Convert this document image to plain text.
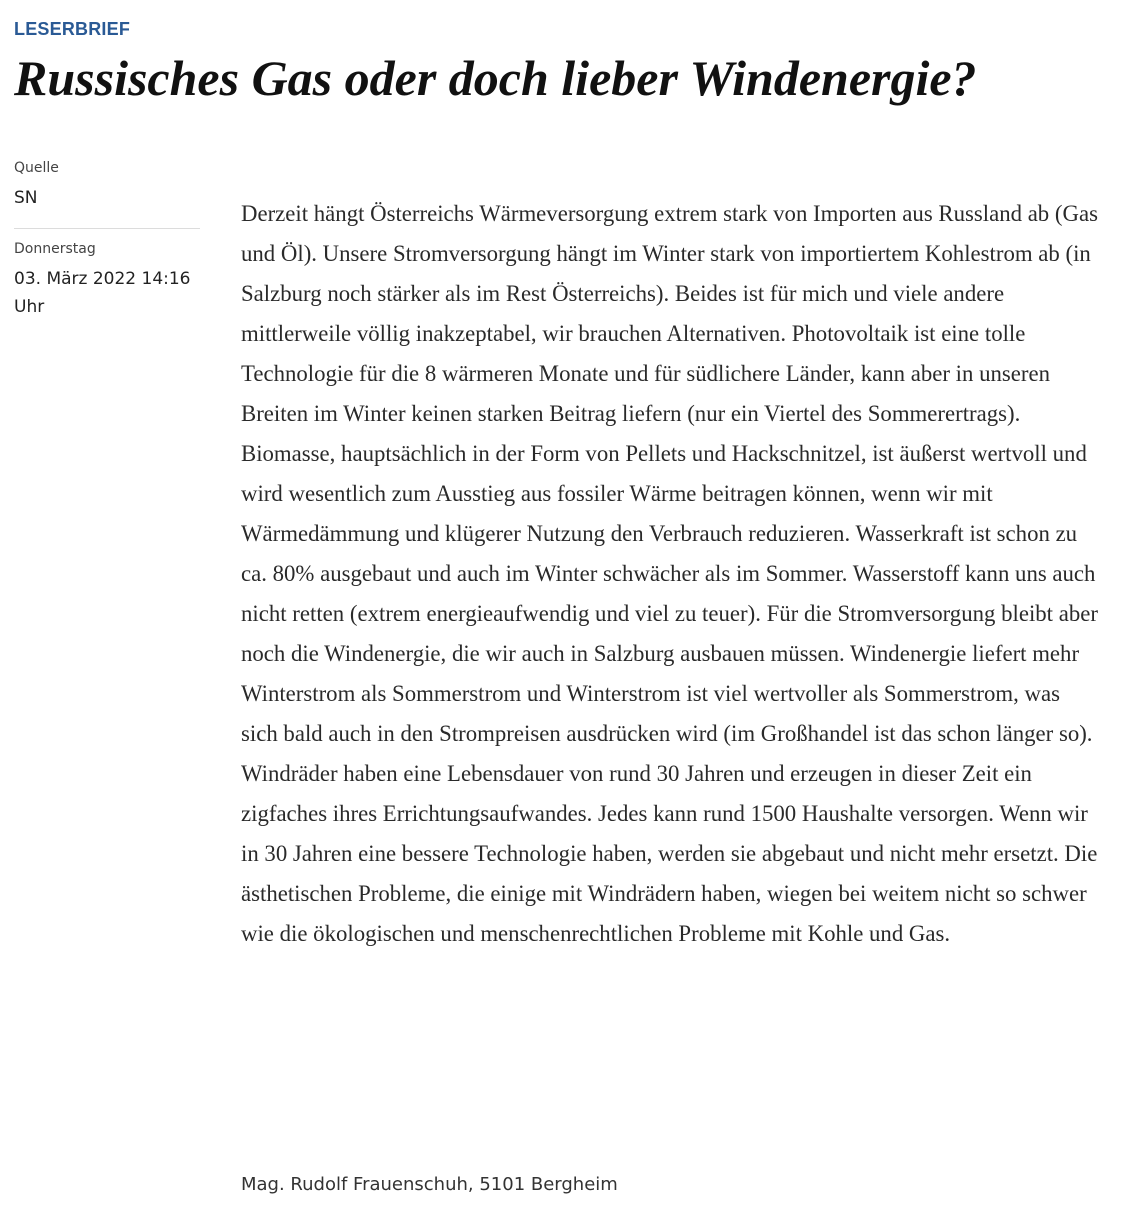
LESERBRIEF
Russisches Gas oder doch lieber Windenergie?
Quelle
SN
Donnerstag
03. März 2022 14:16 Uhr

Derzeit hängt Österreichs Wärmeversorgung extrem stark von Importen aus Russland ab (Gas und Öl). Unsere Stromversorgung hängt im Winter stark von importiertem Kohlestrom ab (in Salzburg noch stärker als im Rest Österreichs). Beides ist für mich und viele andere mittlerweile völlig inakzeptabel, wir brauchen Alternativen. Photovoltaik ist eine tolle Technologie für die 8 wärmeren Monate und für südlichere Länder, kann aber in unseren Breiten im Winter keinen starken Beitrag liefern (nur ein Viertel des Sommerertrags). Biomasse, hauptsächlich in der Form von Pellets und Hackschnitzel, ist äußerst wertvoll und wird wesentlich zum Ausstieg aus fossiler Wärme beitragen können, wenn wir mit Wärmedämmung und klügerer Nutzung den Verbrauch reduzieren. Wasserkraft ist schon zu ca. 80% ausgebaut und auch im Winter schwächer als im Sommer. Wasserstoff kann uns auch nicht retten (extrem energieaufwendig und viel zu teuer). Für die Stromversorgung bleibt aber noch die Windenergie, die wir auch in Salzburg ausbauen müssen. Windenergie liefert mehr Winterstrom als Sommerstrom und Winterstrom ist viel wertvoller als Sommerstrom, was sich bald auch in den Strompreisen ausdrücken wird (im Großhandel ist das schon länger so). Windräder haben eine Lebensdauer von rund 30 Jahren und erzeugen in dieser Zeit ein zigfaches ihres Errichtungsaufwandes. Jedes kann rund 1500 Haushalte versorgen. Wenn wir in 30 Jahren eine bessere Technologie haben, werden sie abgebaut und nicht mehr ersetzt. Die ästhetischen Probleme, die einige mit Windrädern haben, wiegen bei weitem nicht so schwer wie die ökologischen und menschenrechtlichen Probleme mit Kohle und Gas.

Mag. Rudolf Frauenschuh, 5101 Bergheim
